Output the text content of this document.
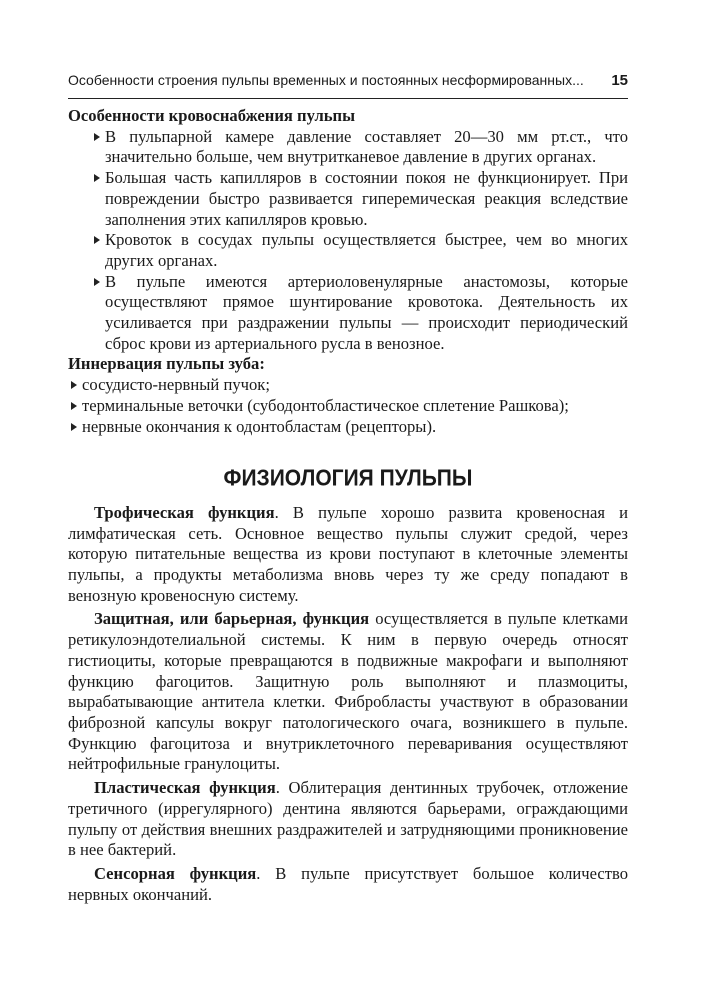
Особенности строения пульпы временных и постоянных несформированных... 15

Особенности кровоснабжения пульпы

В пульпарной камере давление составляет 20—30 мм рт.ст., что значительно больше, чем внутритканевое давление в других органах.
Большая часть капилляров в состоянии покоя не функционирует. При повреждении быстро развивается гиперемическая реакция вследствие заполнения этих капилляров кровью.
Кровоток в сосудах пульпы осуществляется быстрее, чем во многих других органах.
В пульпе имеются артериоловенулярные анастомозы, которые осуществляют прямое шунтирование кровотока. Деятельность их усиливается при раздражении пульпы — происходит периодический сброс крови из артериального русла в венозное.

Иннервация пульпы зуба:

сосудисто-нервный пучок;
терминальные веточки (субодонтобластическое сплетение Рашкова);
нервные окончания к одонтобластам (рецепторы).
ФИЗИОЛОГИЯ ПУЛЬПЫ

Трофическая функция. В пульпе хорошо развита кровеносная и лимфатическая сеть. Основное вещество пульпы служит средой, через которую питательные вещества из крови поступают в клеточные элементы пульпы, а продукты метаболизма вновь через ту же среду попадают в венозную кровеносную систему.

Защитная, или барьерная, функция осуществляется в пульпе клетками ретикулоэндотелиальной системы. К ним в первую очередь относят гистиоциты, которые превращаются в подвижные макрофаги и выполняют функцию фагоцитов. Защитную роль выполняют и плазмоциты, вырабатывающие антитела клетки. Фибробласты участвуют в образовании фиброзной капсулы вокруг патологического очага, возникшего в пульпе. Функцию фагоцитоза и внутриклеточного переваривания осуществляют нейтрофильные гранулоциты.

Пластическая функция. Облитерация дентинных трубочек, отложение третичного (иррегулярного) дентина являются барьерами, ограждающими пульпу от действия внешних раздражителей и затрудняющими проникновение в нее бактерий.

Сенсорная функция. В пульпе присутствует большое количество нервных окончаний.
